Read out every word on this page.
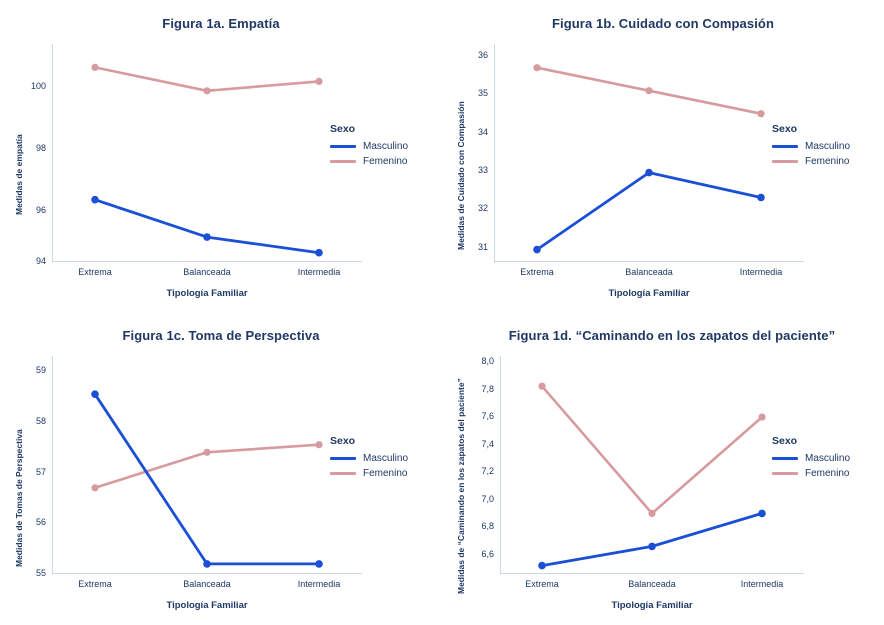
Figura 1a. Empatía
Medidas de empatía
100
98
96
94
Extrema	Balanceada	Intermedia
Tipología Familiar
Sexo
Masculino
Femenino
Figura 1b. Cuidado con Compasión
Medidas de Cuidado con Compasión
36
35
34
33
32
31
Extrema	Balanceada	Intermedia
Tipología Familiar
Sexo
Masculino
Femenino
Figura 1c. Toma de Perspectiva
Medidas de Tomas de Perspectiva
59
58
57
56
55
Extrema	Balanceada	Intermedia
Tipología Familiar
Sexo
Masculino
Femenino
Figura 1d. “Caminando en los zapatos del paciente”
Medidas de “Caminando en los zapatos del paciente”
8,0
7,8
7,6
7,4
7,2
7,0
6,8
6,6
Extrema	Balanceada	Intermedia
Tipología Familiar
Sexo
Masculino
Femenino
